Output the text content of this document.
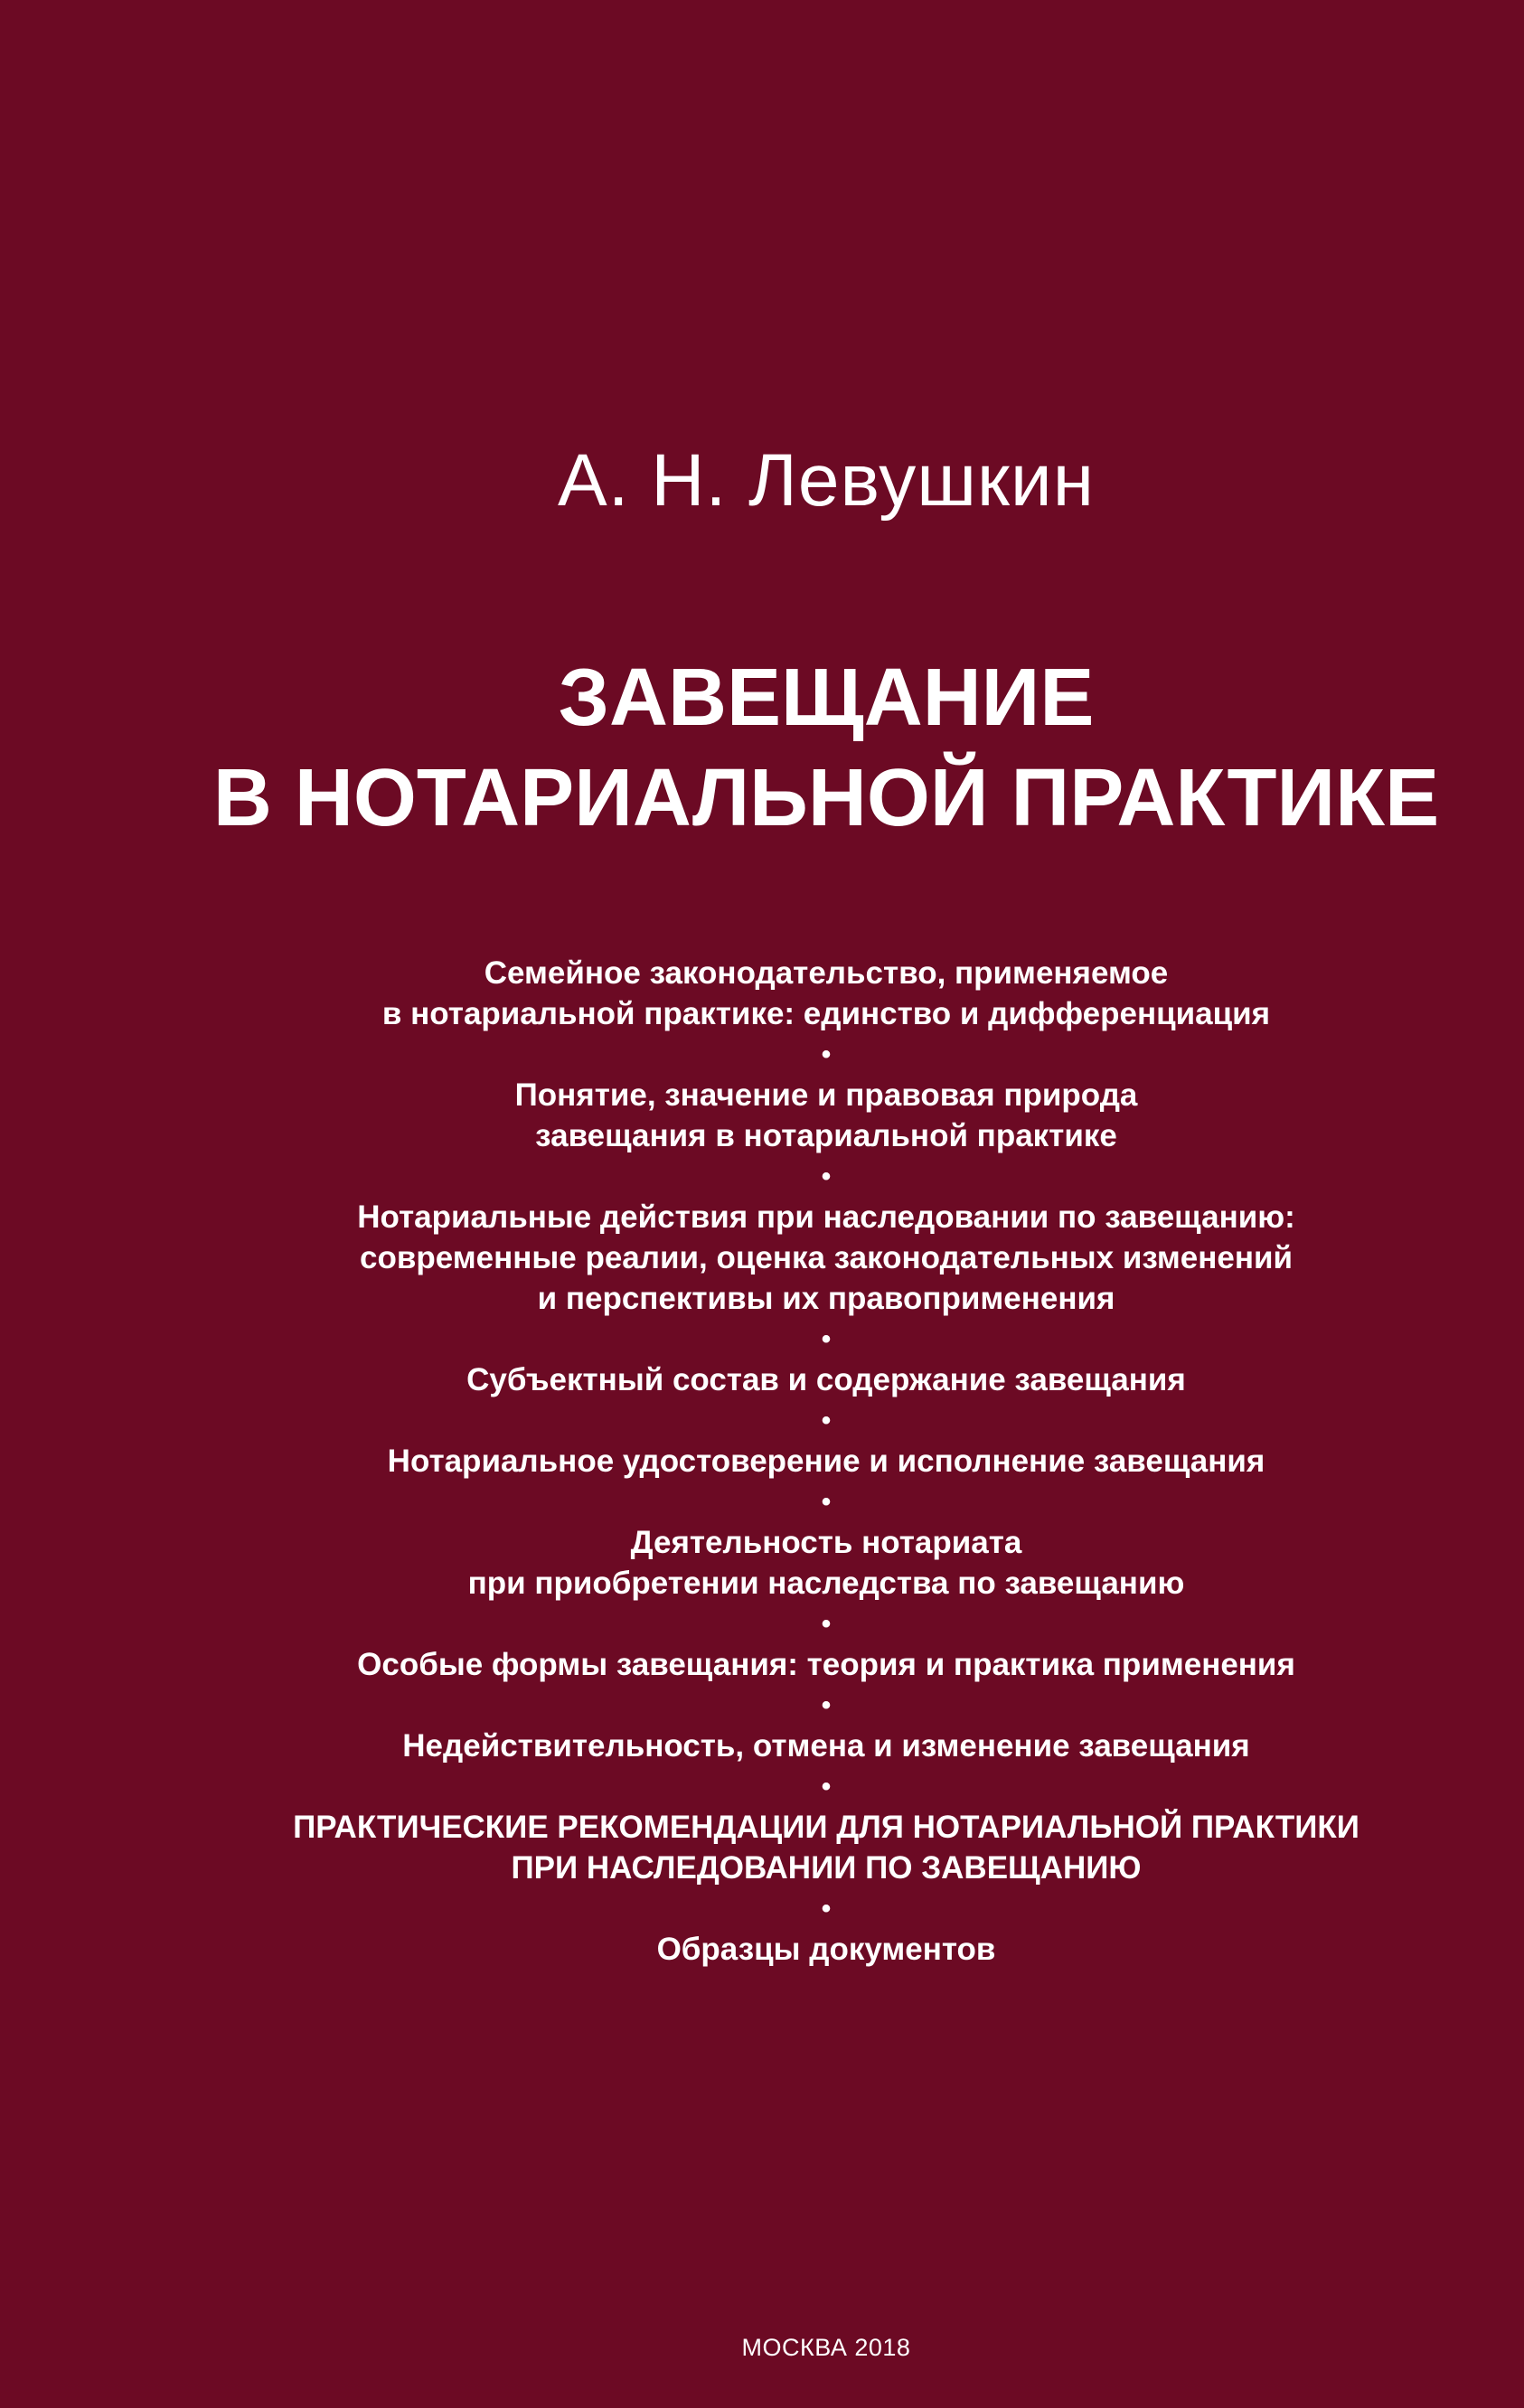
А. Н. Левушкин
ЗАВЕЩАНИЕ
В НОТАРИАЛЬНОЙ ПРАКТИКЕ
Семейное законодательство, применяемое
в нотариальной практике: единство и дифференциация
•
Понятие, значение и правовая природа
завещания в нотариальной практике
•
Нотариальные действия при наследовании по завещанию:
современные реалии, оценка законодательных изменений
и перспективы их правоприменения
•
Субъектный состав и содержание завещания
•
Нотариальное удостоверение и исполнение завещания
•
Деятельность нотариата
при приобретении наследства по завещанию
•
Особые формы завещания: теория и практика применения
•
Недействительность, отмена и изменение завещания
•
ПРАКТИЧЕСКИЕ РЕКОМЕНДАЦИИ ДЛЯ НОТАРИАЛЬНОЙ ПРАКТИКИ
ПРИ НАСЛЕДОВАНИИ ПО ЗАВЕЩАНИЮ
•
Образцы документов
МОСКВА 2018
